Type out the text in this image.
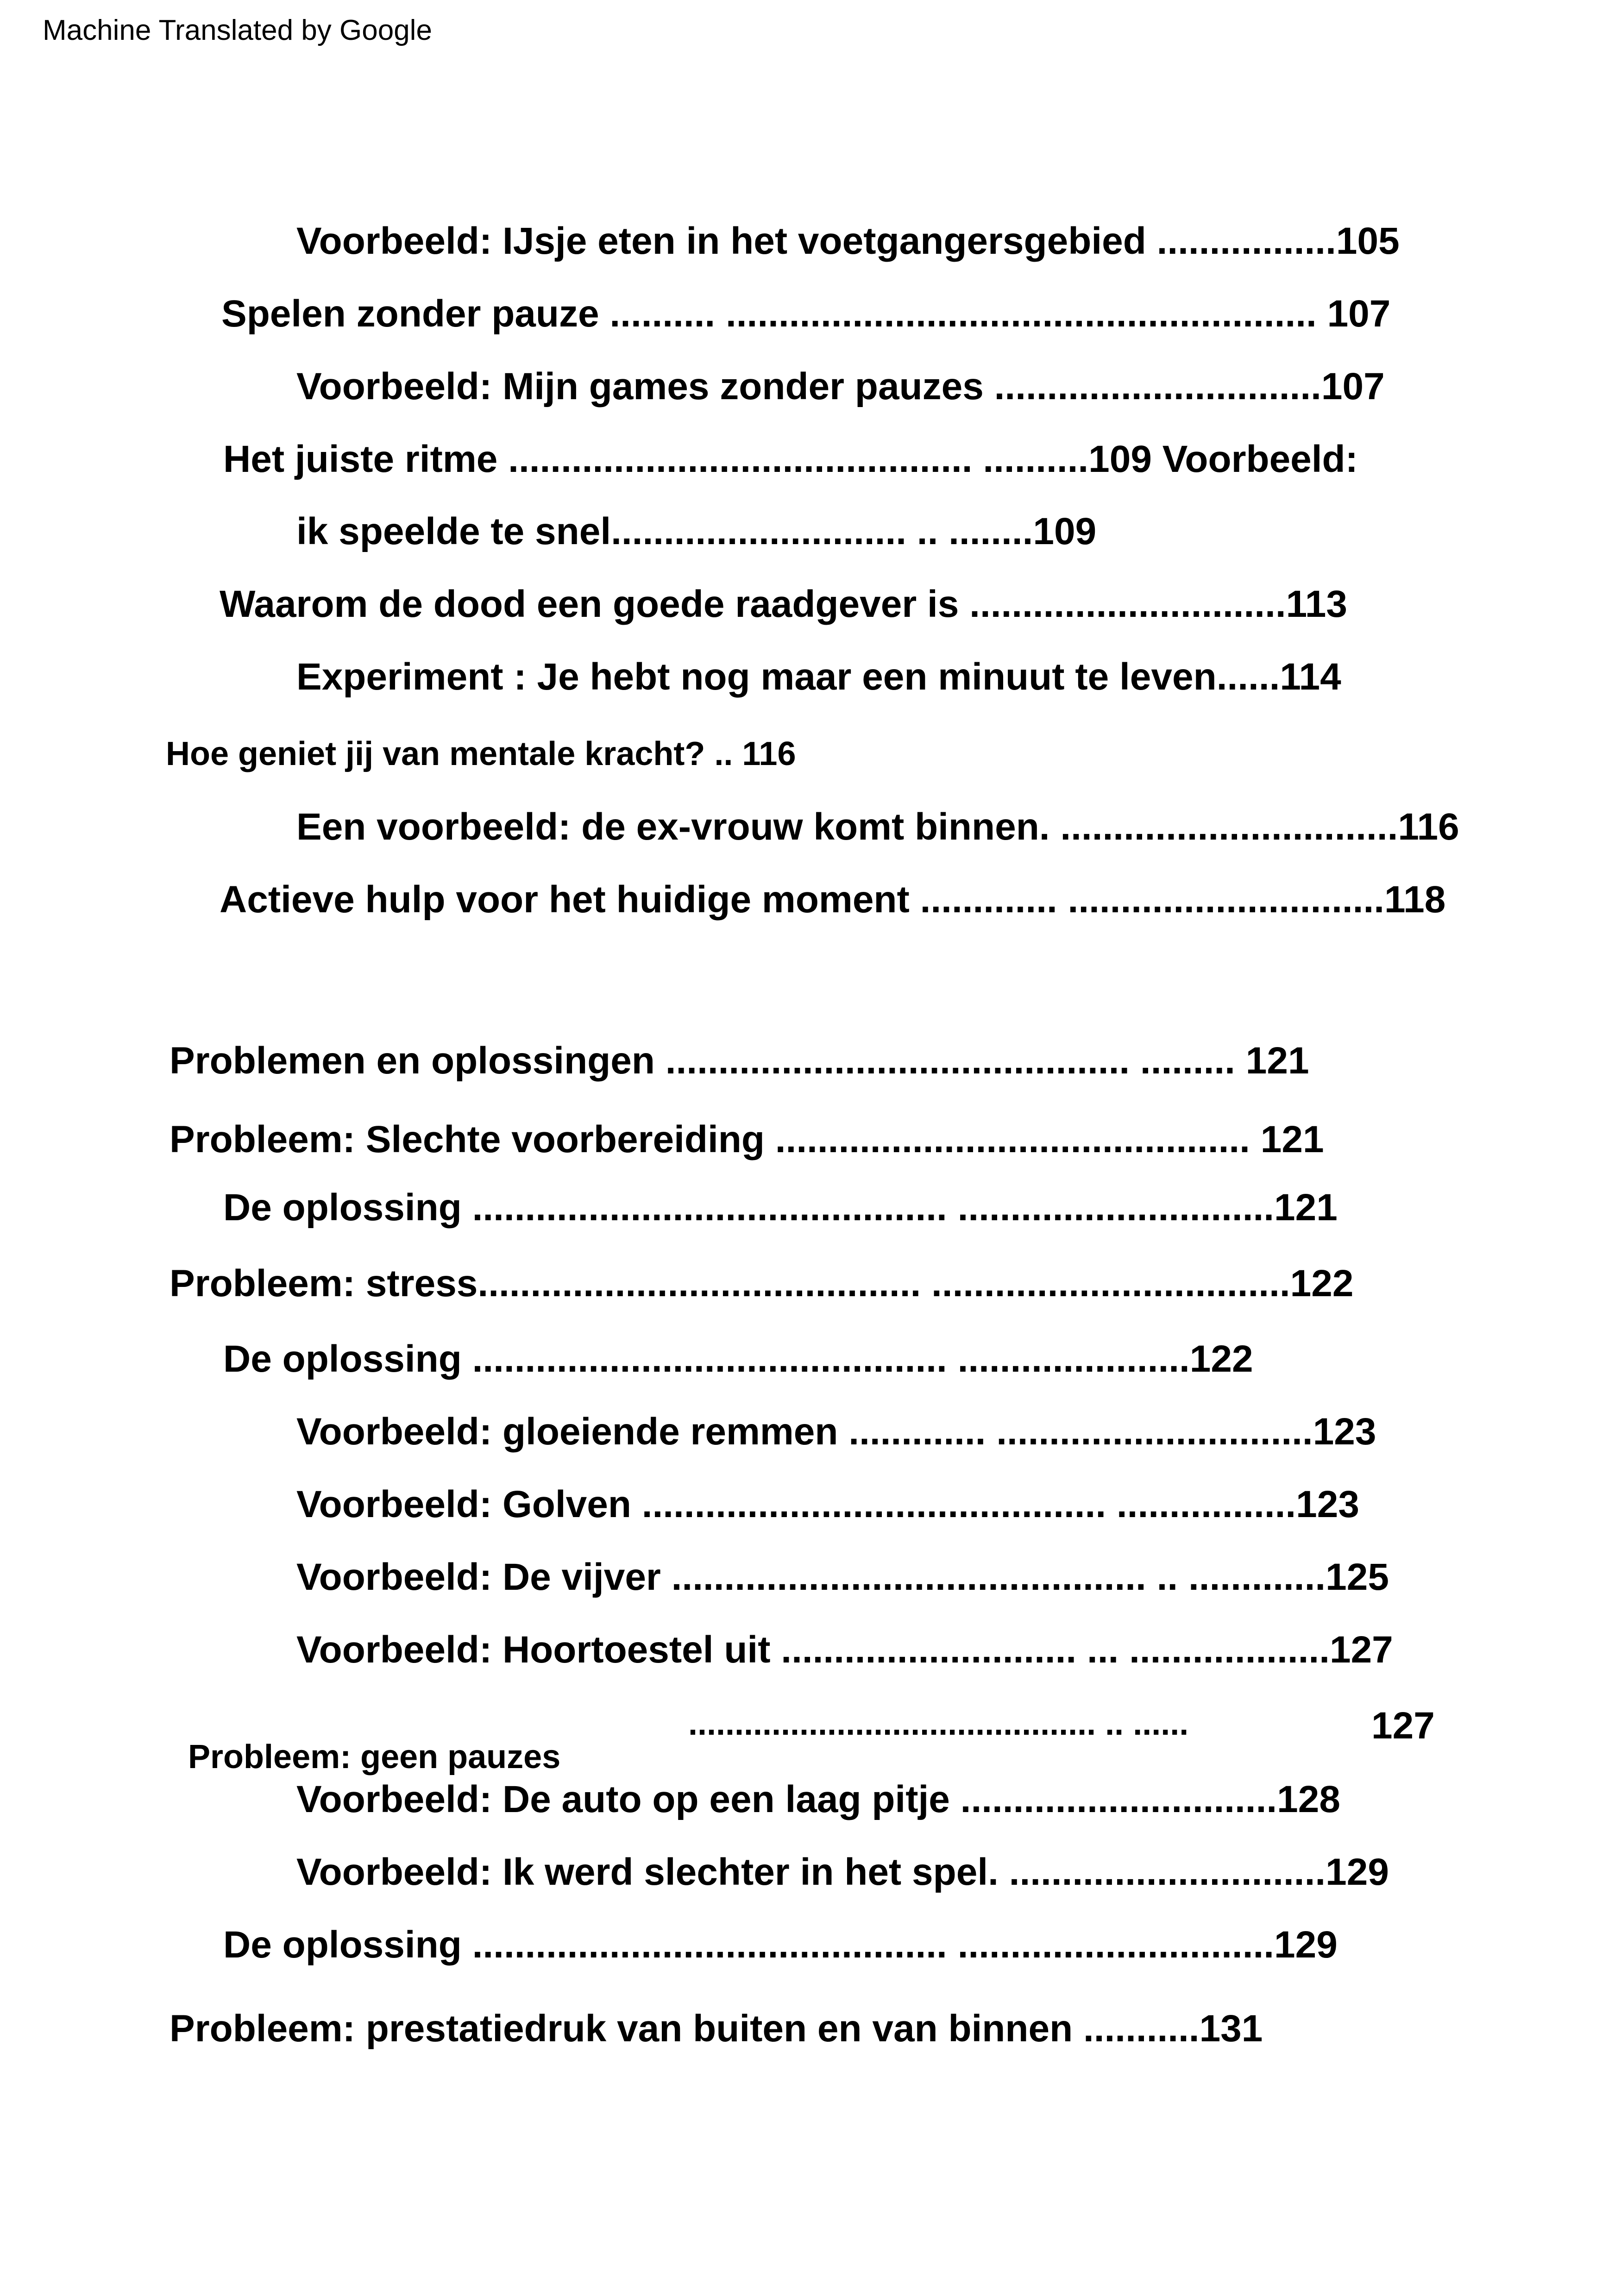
Machine Translated by Google
Voorbeeld: IJsje eten in het voetgangersgebied .................105
Spelen zonder pauze .......... ........................................................ 107
Voorbeeld: Mijn games zonder pauzes ...............................107
Het juiste ritme ............................................ ..........109 Voorbeeld:
ik speelde te snel............................ .. ........109
Waarom de dood een goede raadgever is ..............................113
Experiment : Je hebt nog maar een minuut te leven......114
Hoe geniet jij van mentale kracht? .. 116
Een voorbeeld: de ex-vrouw komt binnen. ................................116
Actieve hulp voor het huidige moment ............. ..............................118
Problemen en oplossingen ............................................ ......... 121
Probleem: Slechte voorbereiding ............................................. 121
De oplossing ............................................. ..............................121
Probleem: stress.......................................... ..................................122
De oplossing ............................................. ......................122
Voorbeeld: gloeiende remmen ............. ..............................123
Voorbeeld: Golven ............................................ .................123
Voorbeeld: De vijver ............................................. .. .............125
Voorbeeld: Hoortoestel uit ............................ ... ...................127

Probleem: geen pauzes

............................................ .. ......

	127

Voorbeeld: De auto op een laag pitje ..............................128
Voorbeeld: Ik werd slechter in het spel. ..............................129
De oplossing ............................................. ..............................129
Probleem: prestatiedruk van buiten en van binnen ...........131
